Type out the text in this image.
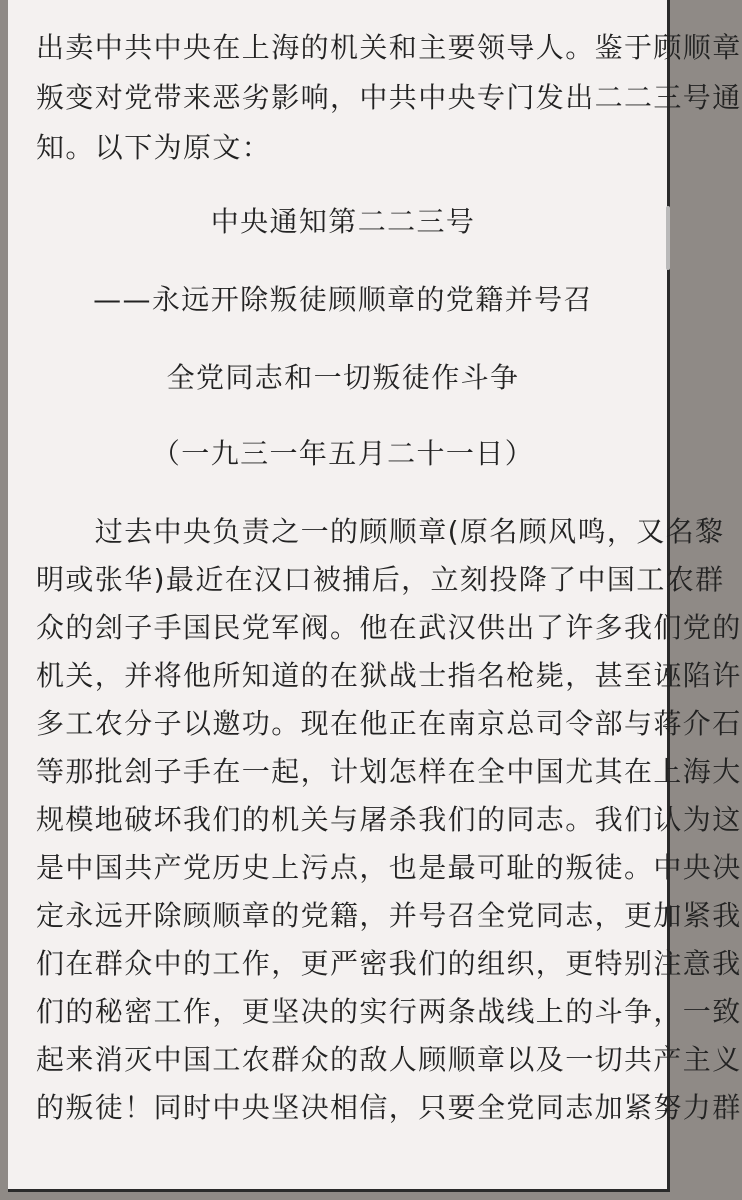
出卖中共中央在上海的机关和主要领导人。鉴于顾顺章
叛变对党带来恶劣影响，中共中央专门发出二二三号通
知。以下为原文：
中央通知第二二三号
——永远开除叛徒顾顺章的党籍并号召
全党同志和一切叛徒作斗争
（一九三一年五月二十一日）
　　过去中央负责之一的顾顺章(原名顾风鸣，又名黎
明或张华)最近在汉口被捕后，立刻投降了中国工农群
众的刽子手国民党军阀。他在武汉供出了许多我们党的
机关，并将他所知道的在狱战士指名枪毙，甚至诬陷许
多工农分子以邀功。现在他正在南京总司令部与蒋介石
等那批刽子手在一起，计划怎样在全中国尤其在上海大
规模地破坏我们的机关与屠杀我们的同志。我们认为这
是中国共产党历史上污点，也是最可耻的叛徒。中央决
定永远开除顾顺章的党籍，并号召全党同志，更加紧我
们在群众中的工作，更严密我们的组织，更特别注意我
们的秘密工作，更坚决的实行两条战线上的斗争，一致
起来消灭中国工农群众的敌人顾顺章以及一切共产主义
的叛徒！同时中央坚决相信，只要全党同志加紧努力群
